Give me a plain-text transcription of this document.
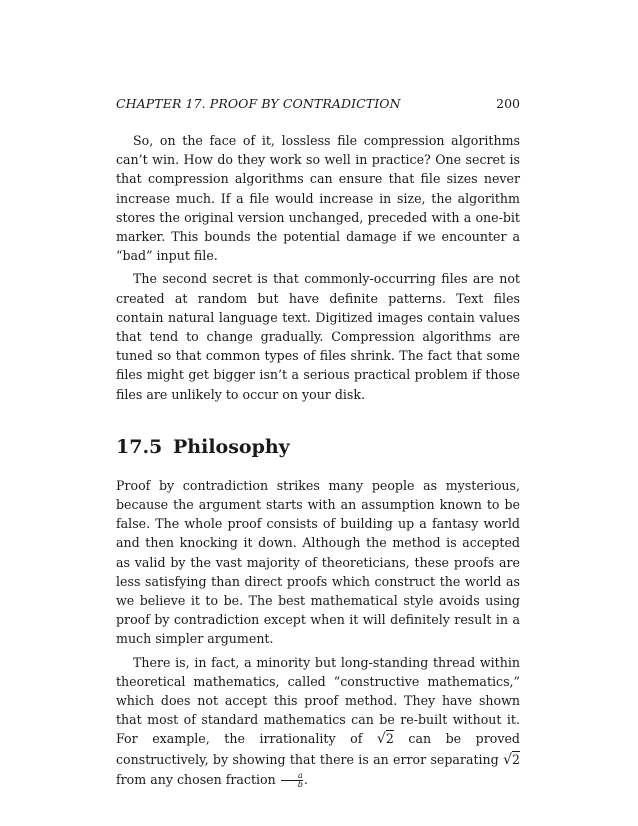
CHAPTER 17. PROOF BY CONTRADICTION	200

So, on the face of it, lossless file compression algorithms can’t win. How do they work so well in practice? One secret is that compression algorithms can ensure that file sizes never increase much. If a file would increase in size, the algorithm stores the original version unchanged, preceded with a one-bit marker. This bounds the potential damage if we encounter a “bad” input file.

The second secret is that commonly-occurring files are not created at random but have definite patterns. Text files contain natural language text. Digitized images contain values that tend to change gradually. Compression algorithms are tuned so that common types of files shrink. The fact that some files might get bigger isn’t a serious practical problem if those files are unlikely to occur on your disk.

17.5 Philosophy

Proof by contradiction strikes many people as mysterious, because the argument starts with an assumption known to be false. The whole proof consists of building up a fantasy world and then knocking it down. Although the method is accepted as valid by the vast majority of theoreticians, these proofs are less satisfying than direct proofs which construct the world as we believe it to be. The best mathematical style avoids using proof by contradiction except when it will definitely result in a much simpler argument.

There is, in fact, a minority but long-standing thread within theoretical mathematics, called “constructive mathematics,” which does not accept this proof method. They have shown that most of standard mathematics can be re-built without it. For example, the irrationality of √2 can be proved constructively, by showing that there is an error separating √2 from any chosen fraction $\frac{a}{b}$ .
